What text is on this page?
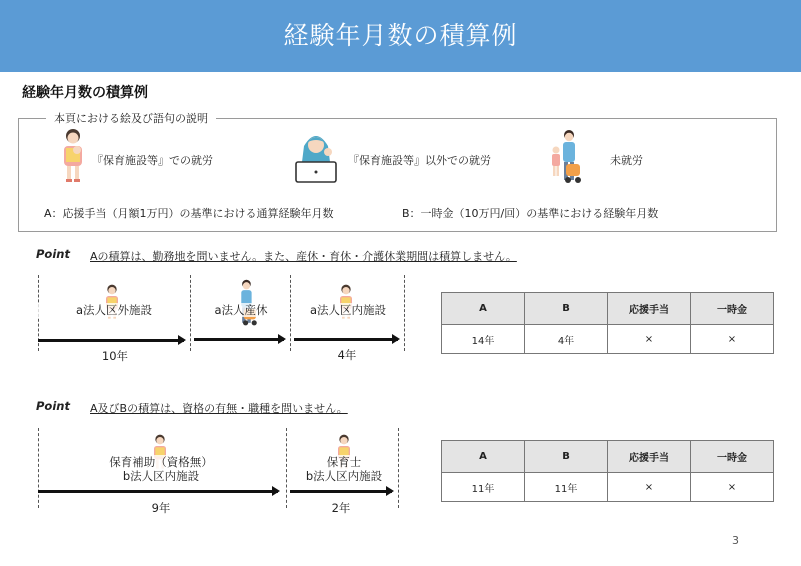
経験年月数の積算例
経験年月数の積算例
本頁における絵及び語句の説明
『保育施設等』での就労	『保育施設等』以外での就労	未就労
A：応援手当（月額1万円）の基準における通算経験年月数	B：一時金（10万円/回）の基準における経験年月数
Point Aの積算は、勤務地を問いません。また、産休・育休・介護休業期間は積算しません。
a法人区外施設	a法人産休	a法人区内施設
10年	4年
A	B	応援手当	一時金
14年	4年	×	×
Point A及びBの積算は、資格の有無・職種を問いません。
保育補助（資格無）
b法人区内施設
保育士
b法人区内施設
9年	2年
A	B	応援手当	一時金
11年	11年	×	×
3
